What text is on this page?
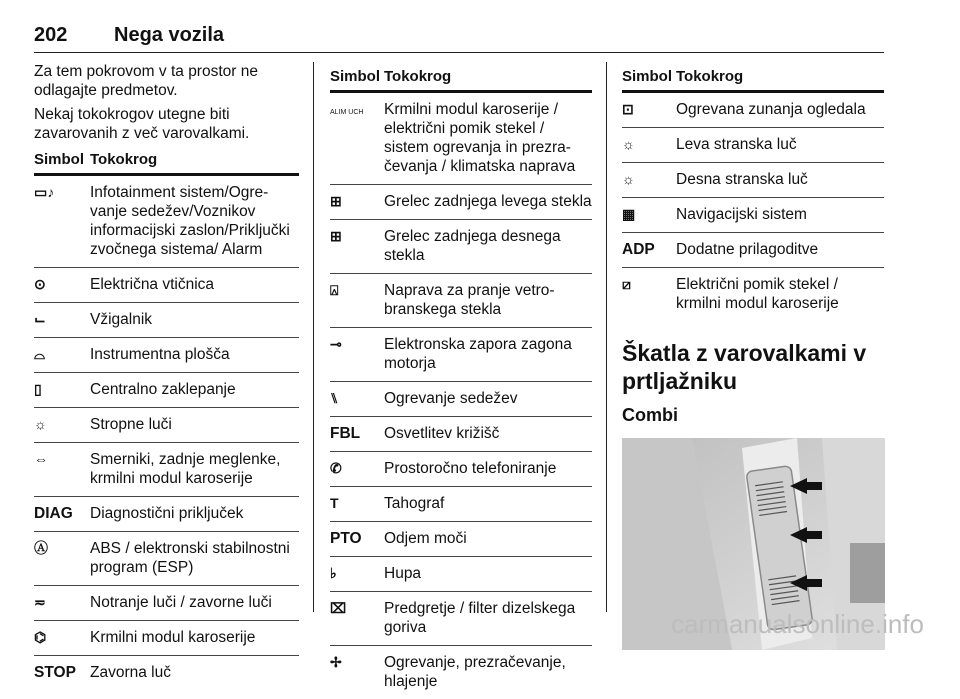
202 Nega vozila

Za tem pokrovom v ta prostor ne odlagajte predmetov.

Nekaj tokokrogov utegne biti zavarovanih z več varovalkami.

Simbol	Tokokrog
▭♪	Infotainment sistem/Ogrevanje sedežev/Voznikov informacijski zaslon/Priključki zvočnega sistema/ Alarm
⊙	Električna vtičnica
⌙	Vžigalnik
⌓	Instrumentna plošča
▯	Centralno zaklepanje
☼	Stropne luči
⇔	Smerniki, zadnje meglenke, krmilni modul karoserije
DIAG	Diagnostični priključek
Ⓐ	ABS / elektronski stabilnostni program (ESP)
≂	Notranje luči / zavorne luči
⌬	Krmilni modul karoserije
STOP	Zavorna luč
Simbol	Tokokrog
ALIM UCH	Krmilni modul karoserije / električni pomik stekel / sistem ogrevanja in prezračevanja / klimatska naprava
⊞	Grelec zadnjega levega stekla
⊞	Grelec zadnjega desnega stekla
⍓	Naprava za pranje vetrobranskega stekla
⊸	Elektronska zapora zagona motorja
⑊	Ogrevanje sedežev
FBL	Osvetlitev križišč
✆	Prostoročno telefoniranje
T	Tahograf
PTO	Odjem moči
♭	Hupa
⌧	Predgretje / filter dizelskega goriva
✢	Ogrevanje, prezračevanje, hlajenje
Simbol	Tokokrog
⊡	Ogrevana zunanja ogledala
☼	Leva stranska luč
☼	Desna stranska luč
▦	Navigacijski sistem
ADP	Dodatne prilagoditve
⧄	Električni pomik stekel / krmilni modul karoserije
Škatla z varovalkami v prtljažniku
Combi
carmanualsonline.info
